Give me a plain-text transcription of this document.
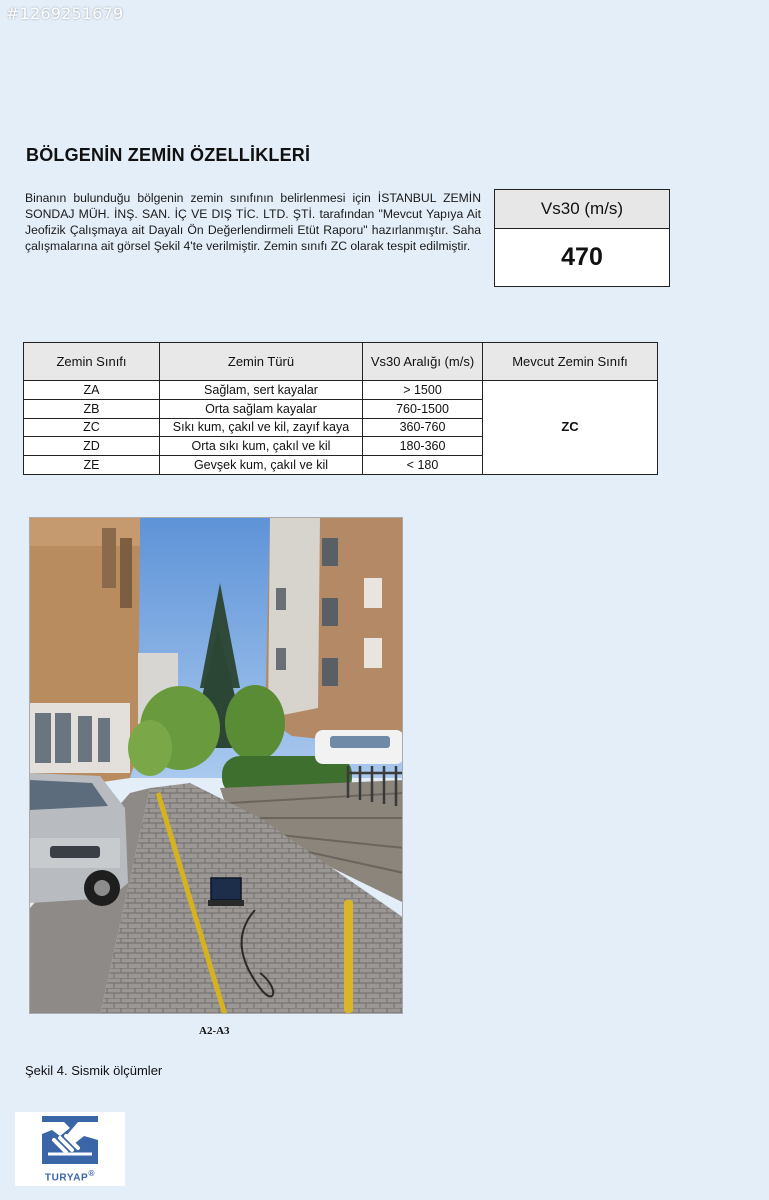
#1269251679
BÖLGENİN ZEMİN ÖZELLİKLERİ

Binanın bulunduğu bölgenin zemin sınıfının belirlenmesi için İSTANBUL ZEMİN SONDAJ MÜH. İNŞ. SAN. İÇ VE DIŞ TİC. LTD. ŞTİ. tarafından "Mevcut Yapıya Ait Jeofizik Çalışmaya ait Dayalı Ön Değerlendirmeli Etüt Raporu" hazırlanmıştır. Saha çalışmalarına ait görsel Şekil 4'te verilmiştir. Zemin sınıfı ZC olarak tespit edilmiştir.

Vs30 (m/s)
470
Zemin Sınıfı	Zemin Türü	Vs30 Aralığı (m/s)	Mevcut Zemin Sınıfı
ZA	Sağlam, sert kayalar	> 1500	ZC
ZB	Orta sağlam kayalar	760-1500	
ZC	Sıkı kum, çakıl ve kil, zayıf kaya	360-760	
ZD	Orta sıkı kum, çakıl ve kil	180-360	
ZE	Gevşek kum, çakıl ve kil	< 180	
A2-A3
Şekil 4. Sismik ölçümler
TURYAP®
